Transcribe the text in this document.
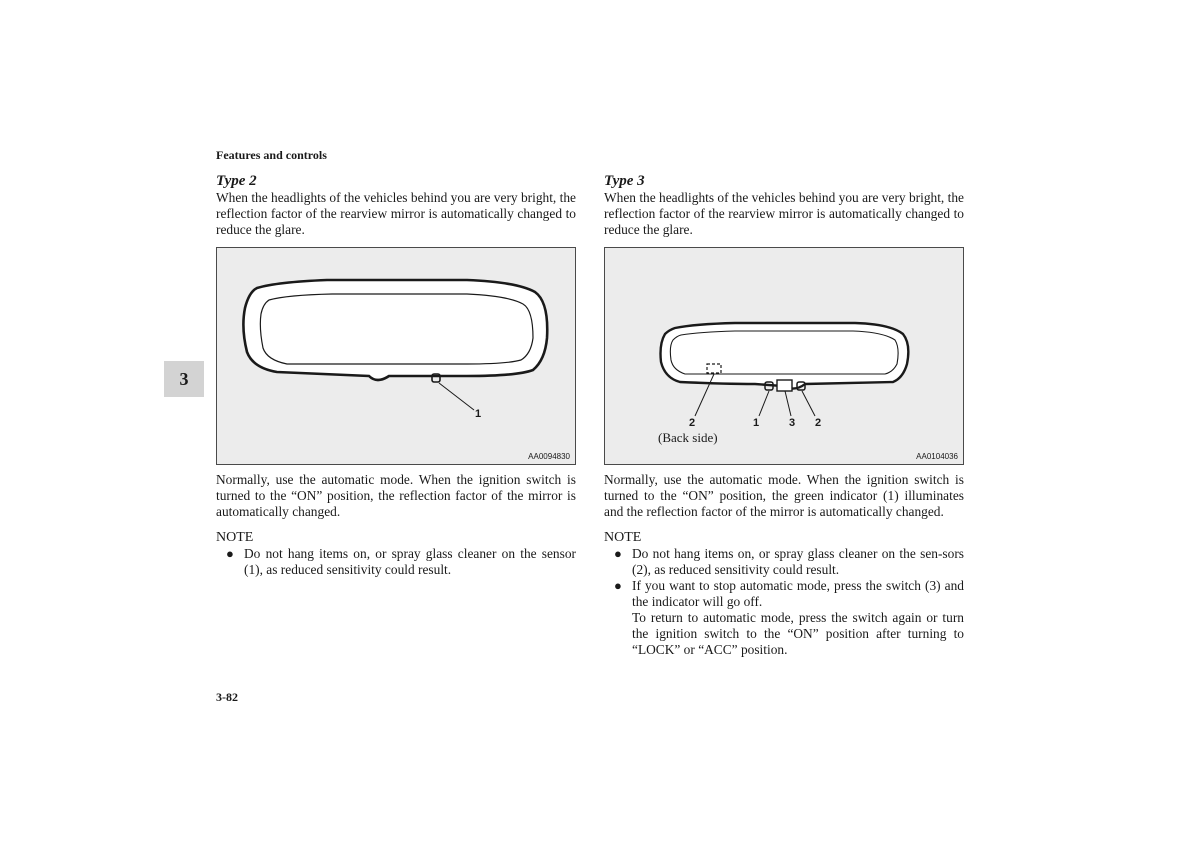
Features and controls
3
Type 2
When the headlights of the vehicles behind you are very bright, the reflection factor of the rearview mirror is automatically changed to reduce the glare.
1
AA0094830
Normally, use the automatic mode. When the ignition switch is turned to the “ON” position, the reflection factor of the mirror is automatically changed.
NOTE
● Do not hang items on, or spray glass cleaner on the sensor (1), as reduced sensitivity could result.
Type 3
When the headlights of the vehicles behind you are very bright, the reflection factor of the rearview mirror is automatically changed to reduce the glare.
2	1	3 2
(Back side)
AA0104036
Normally, use the automatic mode. When the ignition switch is turned to the “ON” position, the green indicator (1) illuminates and the reflection factor of the mirror is automatically changed.
NOTE
● Do not hang items on, or spray glass cleaner on the sen-sors (2), as reduced sensitivity could result.
● If you want to stop automatic mode, press the switch (3) and the indicator will go off.
To return to automatic mode, press the switch again or turn the ignition switch to the “ON” position after turning to “LOCK” or “ACC” position.
3-82
